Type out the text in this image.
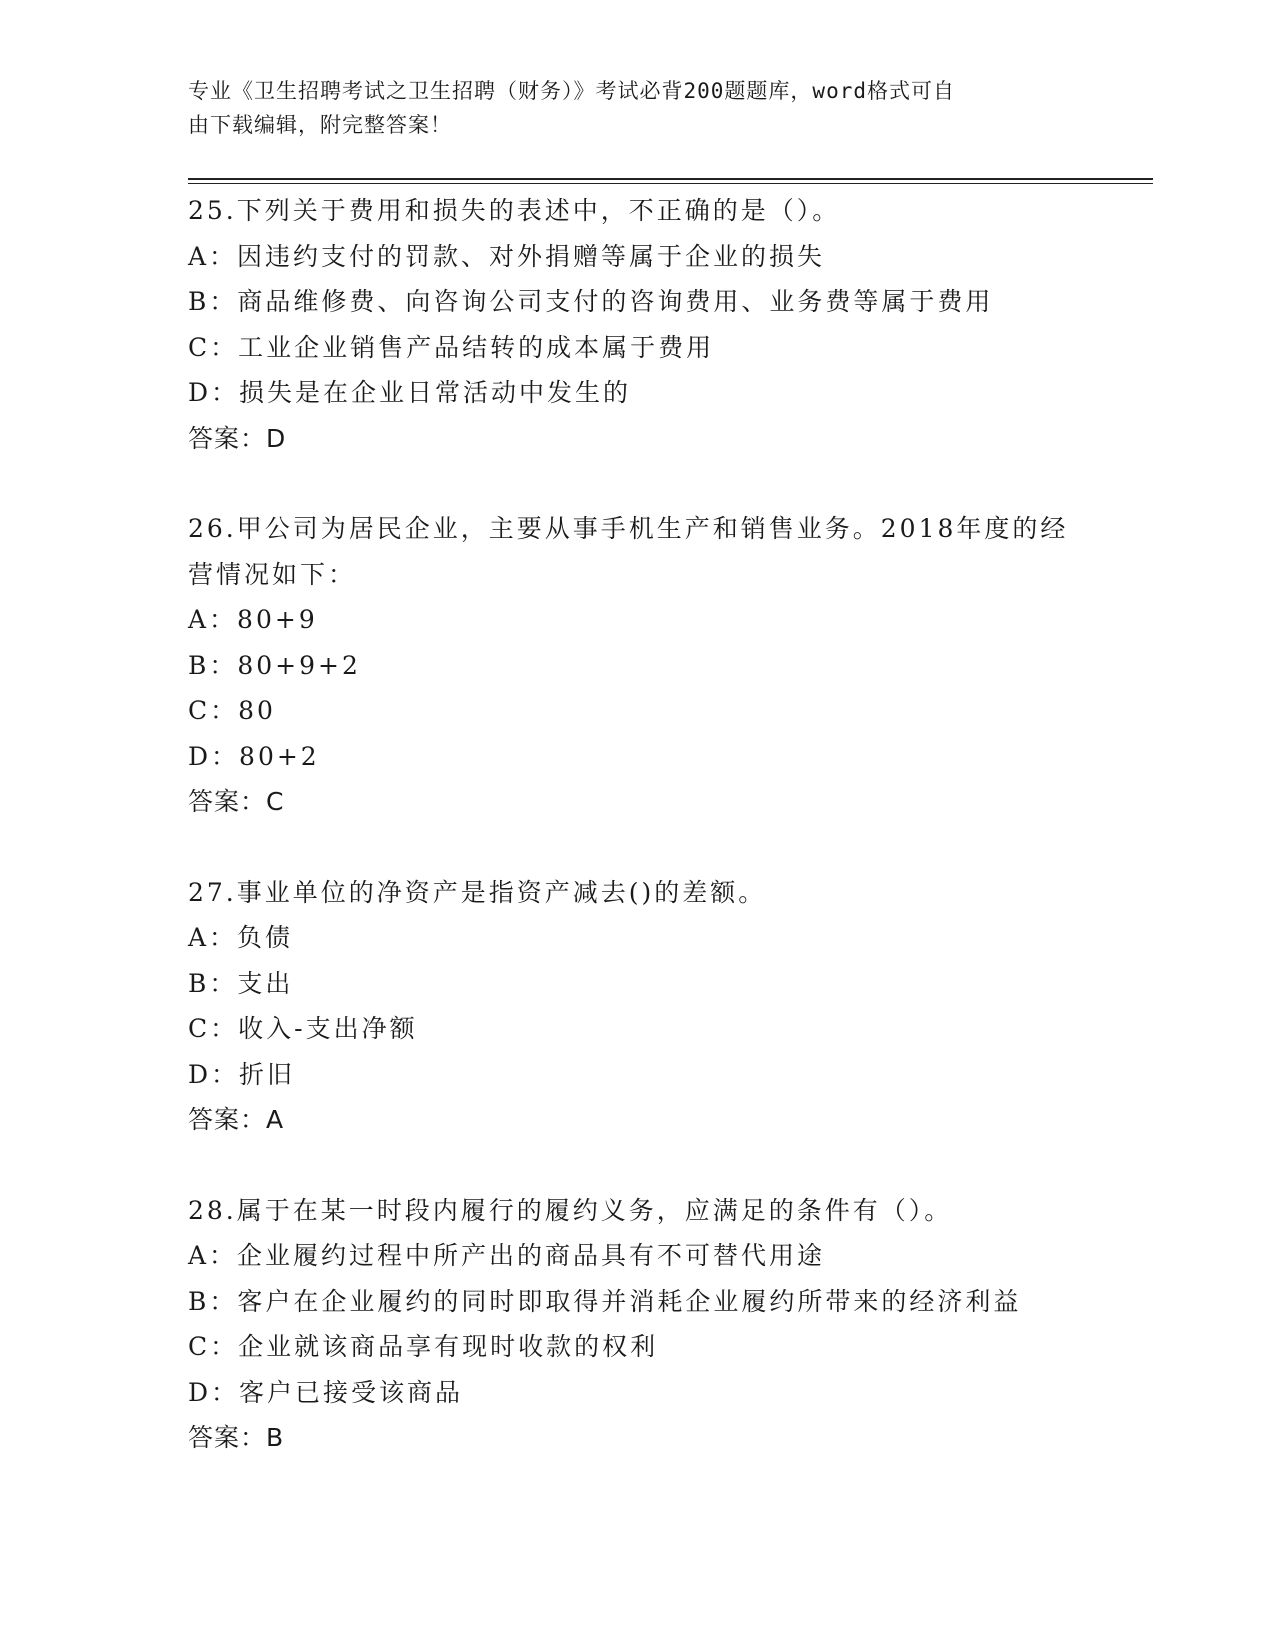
专业《卫生招聘考试之卫生招聘（财务）》考试必背200题题库，word格式可自
由下载编辑，附完整答案！
25.下列关于费用和损失的表述中，不正确的是（）。
A：因违约支付的罚款、对外捐赠等属于企业的损失
B：商品维修费、向咨询公司支付的咨询费用、业务费等属于费用
C：工业企业销售产品结转的成本属于费用
D：损失是在企业日常活动中发生的
答案：D
26.甲公司为居民企业，主要从事手机生产和销售业务。2018年度的经
营情况如下：
A：80+9
B：80+9+2
C：80
D：80+2
答案：C
27.事业单位的净资产是指资产减去()的差额。
A：负债
B：支出
C：收入-支出净额
D：折旧
答案：A
28.属于在某一时段内履行的履约义务，应满足的条件有（）。
A：企业履约过程中所产出的商品具有不可替代用途
B：客户在企业履约的同时即取得并消耗企业履约所带来的经济利益
C：企业就该商品享有现时收款的权利
D：客户已接受该商品
答案：B
